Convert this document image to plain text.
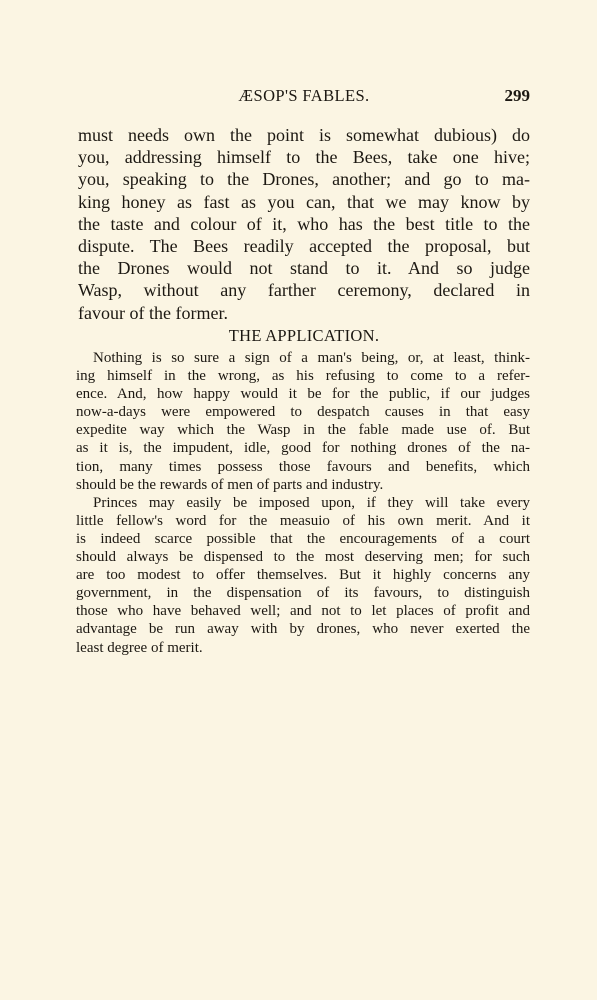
ÆSOP'S FABLES.	299
must needs own the point is somewhat dubious) do
you, addressing himself to the Bees, take one hive;
you, speaking to the Drones, another; and go to ma-
king honey as fast as you can, that we may know by
the taste and colour of it, who has the best title to the
dispute. The Bees readily accepted the proposal, but
the Drones would not stand to it. And so judge
Wasp, without any farther ceremony, declared in
favour of the former.
THE APPLICATION.
Nothing is so sure a sign of a man's being, or, at least, think-
ing himself in the wrong, as his refusing to come to a refer-
ence. And, how happy would it be for the public, if our judges
now-a-days were empowered to despatch causes in that easy
expedite way which the Wasp in the fable made use of. But
as it is, the impudent, idle, good for nothing drones of the na-
tion, many times possess those favours and benefits, which
should be the rewards of men of parts and industry.
Princes may easily be imposed upon, if they will take every
little fellow's word for the measuio of his own merit. And it
is indeed scarce possible that the encouragements of a court
should always be dispensed to the most deserving men; for such
are too modest to offer themselves. But it highly concerns any
government, in the dispensation of its favours, to distinguish
those who have behaved well; and not to let places of profit and
advantage be run away with by drones, who never exerted the
least degree of merit.
